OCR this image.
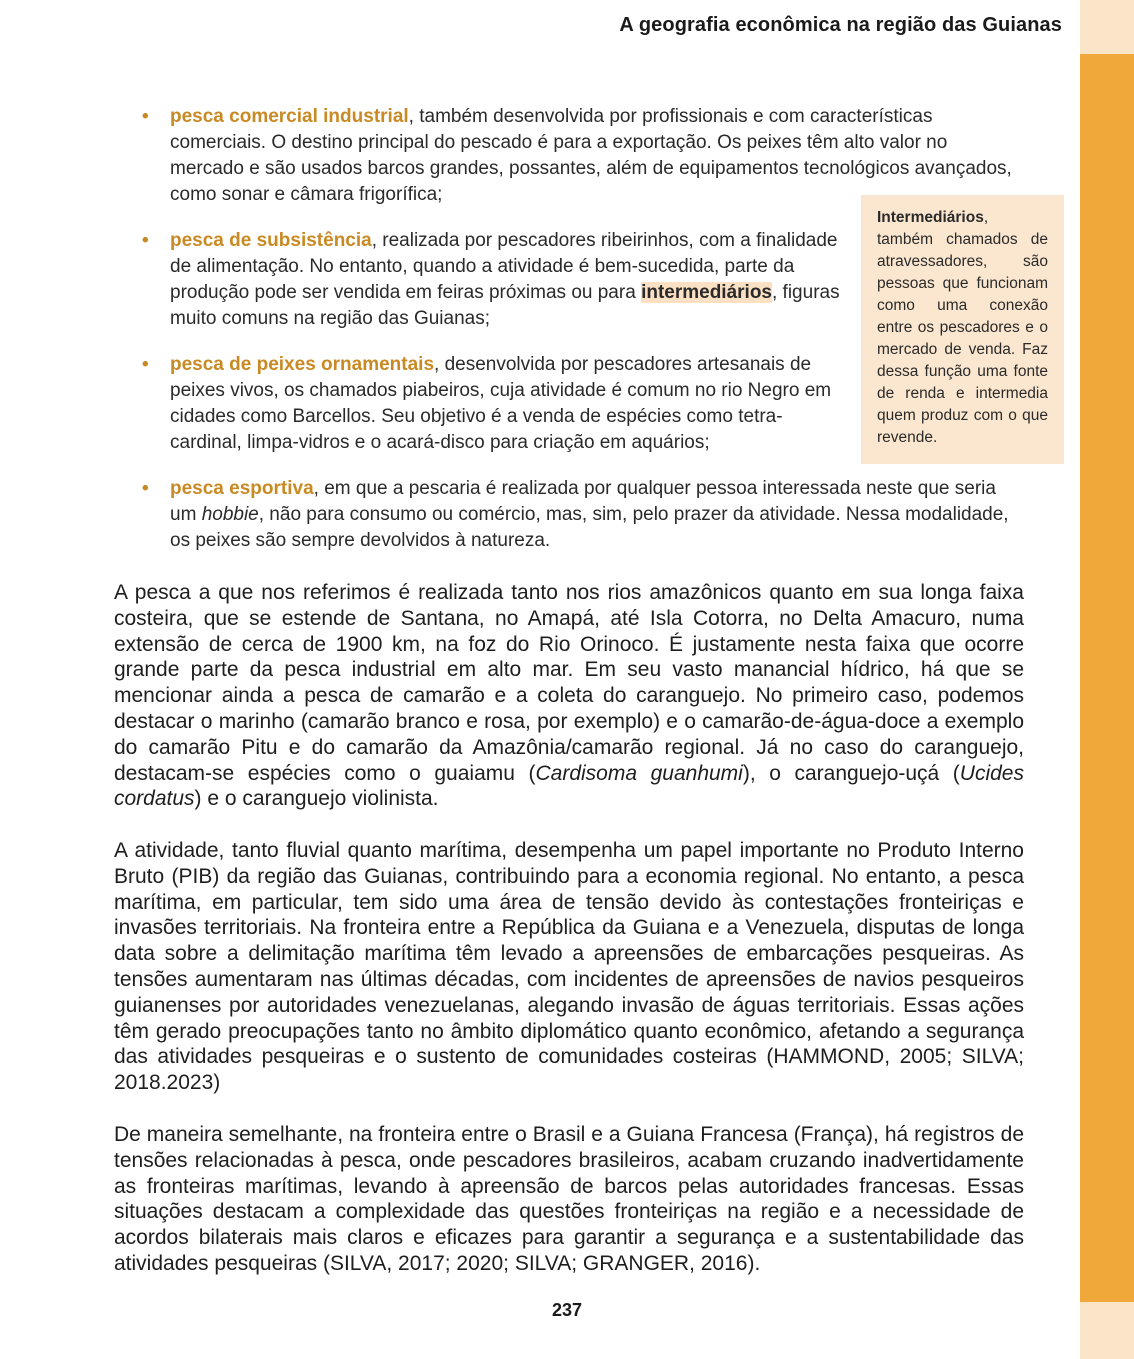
A geografia econômica na região das Guianas
• pesca comercial industrial, também desenvolvida por profissionais e com características comerciais. O destino principal do pescado é para a exportação. Os peixes têm alto valor no mercado e são usados barcos grandes, possantes, além de equipamentos tecnológicos avançados, como sonar e câmara frigorífica;
• pesca de subsistência, realizada por pescadores ribeirinhos, com a finalidade de alimentação. No entanto, quando a atividade é bem-sucedida, parte da produção pode ser vendida em feiras próximas ou para intermediários, figuras muito comuns na região das Guianas;
• pesca de peixes ornamentais, desenvolvida por pescadores artesanais de peixes vivos, os chamados piabeiros, cuja atividade é comum no rio Negro em cidades como Barcellos. Seu objetivo é a venda de espécies como tetra-cardinal, limpa-vidros e o acará-disco para criação em aquários;
• pesca esportiva, em que a pescaria é realizada por qualquer pessoa interessada neste que seria um hobbie, não para consumo ou comércio, mas, sim, pelo prazer da atividade. Nessa modalidade, os peixes são sempre devolvidos à natureza.
Intermediários, também chamados de atravessadores, são pessoas que funcionam como uma conexão entre os pescadores e o mercado de venda. Faz dessa função uma fonte de renda e intermedia quem produz com o que revende.

A pesca a que nos referimos é realizada tanto nos rios amazônicos quanto em sua longa faixa costeira, que se estende de Santana, no Amapá, até Isla Cotorra, no Delta Amacuro, numa extensão de cerca de 1900 km, na foz do Rio Orinoco. É justamente nesta faixa que ocorre grande parte da pesca industrial em alto mar. Em seu vasto manancial hídrico, há que se mencionar ainda a pesca de camarão e a coleta do caranguejo. No primeiro caso, podemos destacar o marinho (camarão branco e rosa, por exemplo) e o camarão-de-água-doce a exemplo do camarão Pitu e do camarão da Amazônia/camarão regional. Já no caso do caranguejo, destacam-se espécies como o guaiamu (Cardisoma guanhumi), o caranguejo-uçá (Ucides cordatus) e o caranguejo violinista.

A atividade, tanto fluvial quanto marítima, desempenha um papel importante no Produto Interno Bruto (PIB) da região das Guianas, contribuindo para a economia regional. No entanto, a pesca marítima, em particular, tem sido uma área de tensão devido às contestações fronteiriças e invasões territoriais. Na fronteira entre a República da Guiana e a Venezuela, disputas de longa data sobre a delimitação marítima têm levado a apreensões de embarcações pesqueiras. As tensões aumentaram nas últimas décadas, com incidentes de apreensões de navios pesqueiros guianenses por autoridades venezuelanas, alegando invasão de águas territoriais. Essas ações têm gerado preocupações tanto no âmbito diplomático quanto econômico, afetando a segurança das atividades pesqueiras e o sustento de comunidades costeiras (HAMMOND, 2005; SILVA; 2018.2023)

De maneira semelhante, na fronteira entre o Brasil e a Guiana Francesa (França), há registros de tensões relacionadas à pesca, onde pescadores brasileiros, acabam cruzando inadvertidamente as fronteiras marítimas, levando à apreensão de barcos pelas autoridades francesas. Essas situações destacam a complexidade das questões fronteiriças na região e a necessidade de acordos bilaterais mais claros e eficazes para garantir a segurança e a sustentabilidade das atividades pesqueiras (SILVA, 2017; 2020; SILVA; GRANGER, 2016).

237
